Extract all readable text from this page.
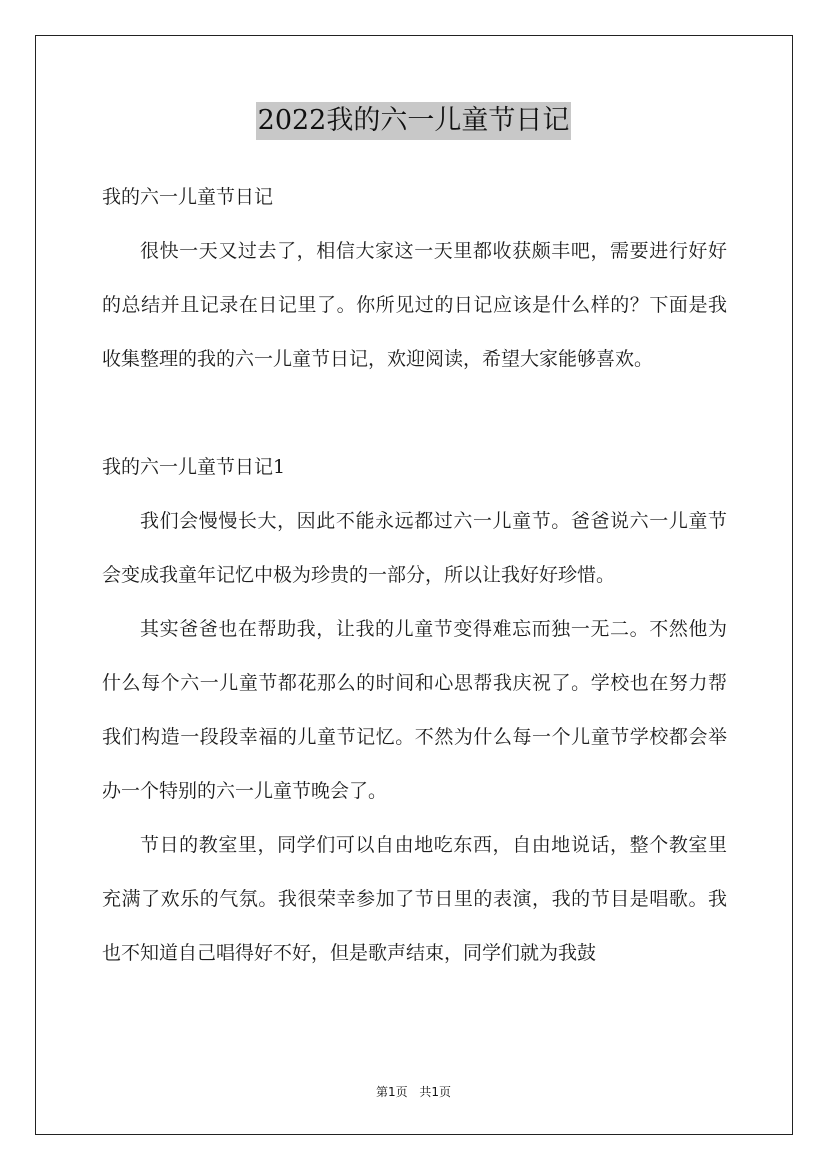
2022我的六一儿童节日记

我的六一儿童节日记

很快一天又过去了，相信大家这一天里都收获颇丰吧，需要进行好好的总结并且记录在日记里了。你所见过的日记应该是什么样的？下面是我收集整理的我的六一儿童节日记，欢迎阅读，希望大家能够喜欢。

我的六一儿童节日记1

我们会慢慢长大，因此不能永远都过六一儿童节。爸爸说六一儿童节会变成我童年记忆中极为珍贵的一部分，所以让我好好珍惜。

其实爸爸也在帮助我，让我的儿童节变得难忘而独一无二。不然他为什么每个六一儿童节都花那么的时间和心思帮我庆祝了。学校也在努力帮我们构造一段段幸福的儿童节记忆。不然为什么每一个儿童节学校都会举办一个特别的六一儿童节晚会了。

节日的教室里，同学们可以自由地吃东西，自由地说话，整个教室里充满了欢乐的气氛。我很荣幸参加了节日里的表演，我的节目是唱歌。我也不知道自己唱得好不好，但是歌声结束，同学们就为我鼓

第1页 共1页
